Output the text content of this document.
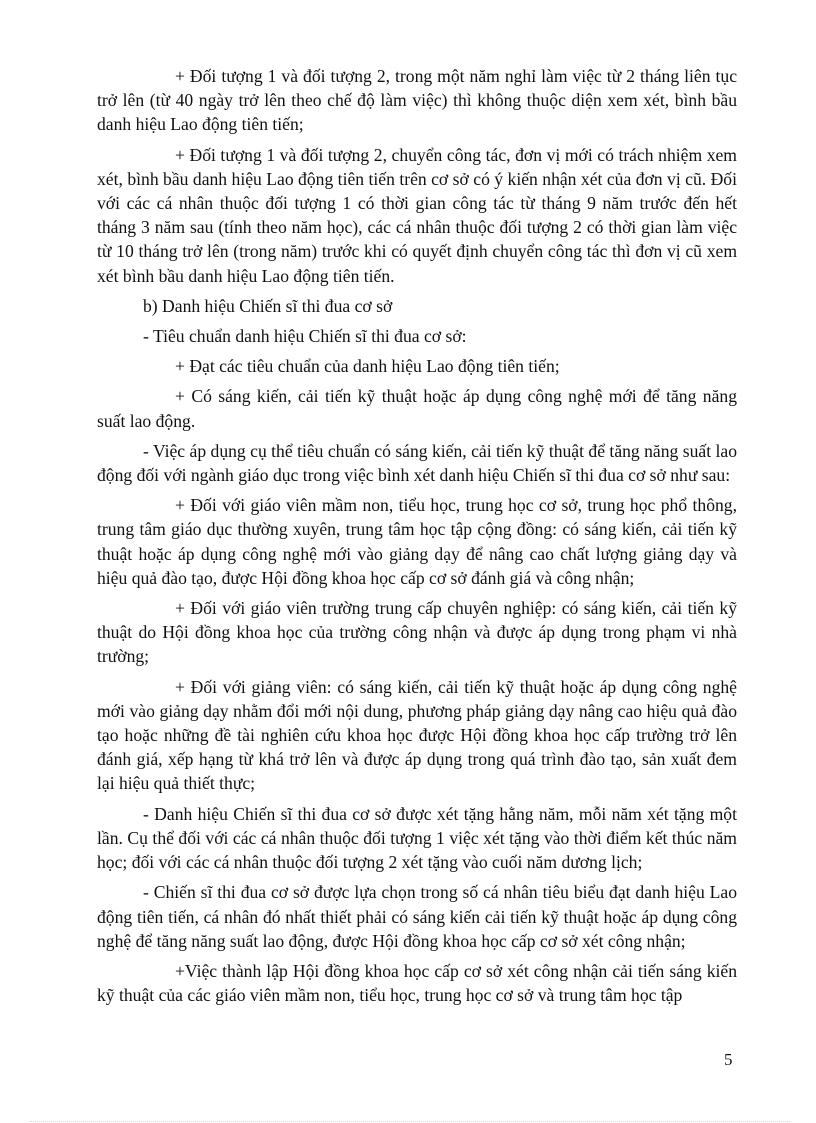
+ Đối tượng 1 và đối tượng 2, trong một năm nghỉ làm việc từ 2 tháng liên tục trở lên (từ 40 ngày trở lên theo chế độ làm việc) thì không thuộc diện xem xét, bình bầu danh hiệu Lao động tiên tiến;

+ Đối tượng 1 và đối tượng 2, chuyển công tác, đơn vị mới có trách nhiệm xem xét, bình bầu danh hiệu Lao động tiên tiến trên cơ sở có ý kiến nhận xét của đơn vị cũ. Đối với các cá nhân thuộc đối tượng 1 có thời gian công tác từ tháng 9 năm trước đến hết tháng 3 năm sau (tính theo năm học), các cá nhân thuộc đối tượng 2 có thời gian làm việc từ 10 tháng trở lên (trong năm) trước khi có quyết định chuyển công tác thì đơn vị cũ xem xét bình bầu danh hiệu Lao động tiên tiến.

b) Danh hiệu Chiến sĩ thi đua cơ sở

- Tiêu chuẩn danh hiệu Chiến sĩ thi đua cơ sở:

+ Đạt các tiêu chuẩn của danh hiệu Lao động tiên tiến;

+ Có sáng kiến, cải tiến kỹ thuật hoặc áp dụng công nghệ mới để tăng năng suất lao động.

- Việc áp dụng cụ thể tiêu chuẩn có sáng kiến, cải tiến kỹ thuật để tăng năng suất lao động đối với ngành giáo dục trong việc bình xét danh hiệu Chiến sĩ thi đua cơ sở như sau:

+ Đối với giáo viên mầm non, tiểu học, trung học cơ sở, trung học phổ thông, trung tâm giáo dục thường xuyên, trung tâm học tập cộng đồng: có sáng kiến, cải tiến kỹ thuật hoặc áp dụng công nghệ mới vào giảng dạy để nâng cao chất lượng giảng dạy và hiệu quả đào tạo, được Hội đồng khoa học cấp cơ sở đánh giá và công nhận;

+ Đối với giáo viên trường trung cấp chuyên nghiệp: có sáng kiến, cải tiến kỹ thuật do Hội đồng khoa học của trường công nhận và được áp dụng trong phạm vi nhà trường;

+ Đối với giảng viên: có sáng kiến, cải tiến kỹ thuật hoặc áp dụng công nghệ mới vào giảng dạy nhằm đổi mới nội dung, phương pháp giảng dạy nâng cao hiệu quả đào tạo hoặc những đề tài nghiên cứu khoa học được Hội đồng khoa học cấp trường trở lên đánh giá, xếp hạng từ khá trở lên và được áp dụng trong quá trình đào tạo, sản xuất đem lại hiệu quả thiết thực;

- Danh hiệu Chiến sĩ thi đua cơ sở được xét tặng hằng năm, mỗi năm xét tặng một lần. Cụ thể đối với các cá nhân thuộc đối tượng 1 việc xét tặng vào thời điểm kết thúc năm học; đối với các cá nhân thuộc đối tượng 2 xét tặng vào cuối năm dương lịch;

- Chiến sĩ thi đua cơ sở được lựa chọn trong số cá nhân tiêu biểu đạt danh hiệu Lao động tiên tiến, cá nhân đó nhất thiết phải có sáng kiến cải tiến kỹ thuật hoặc áp dụng công nghệ để tăng năng suất lao động, được Hội đồng khoa học cấp cơ sở xét công nhận;

+Việc thành lập Hội đồng khoa học cấp cơ sở xét công nhận cải tiến sáng kiến kỹ thuật của các giáo viên mầm non, tiểu học, trung học cơ sở và trung tâm học tập

5
